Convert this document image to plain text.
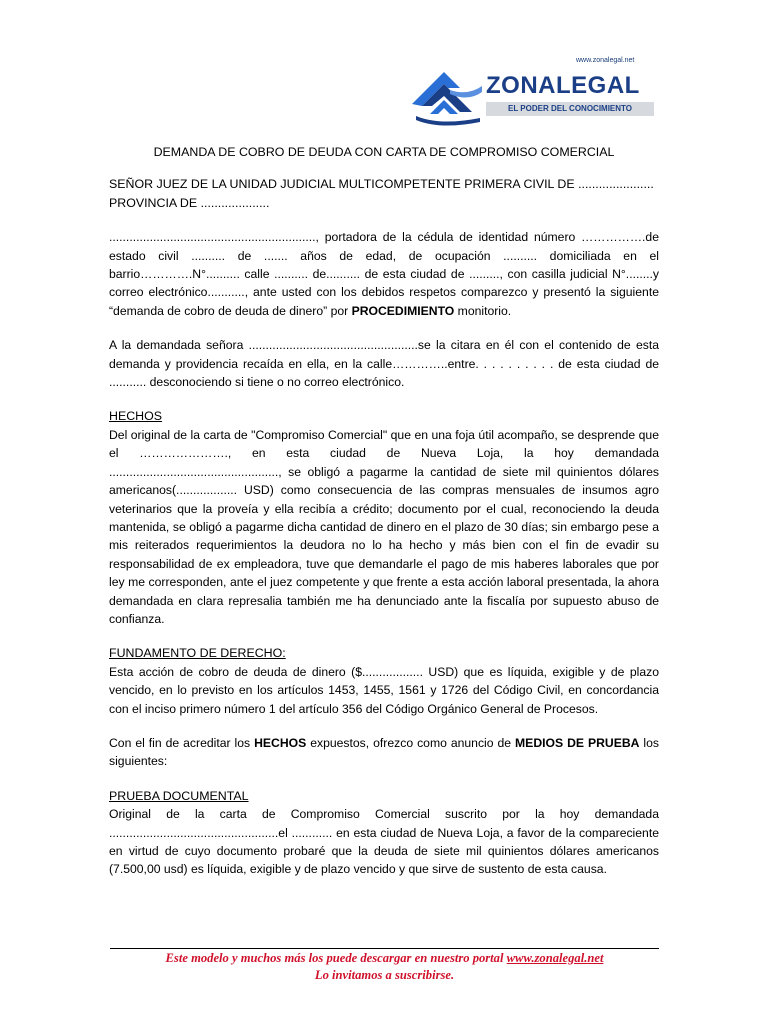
www.zonalegal.net
ZONALEGAL
EL PODER DEL CONOCIMIENTO
DEMANDA DE COBRO DE DEUDA CON CARTA DE COMPROMISO COMERCIAL
SEÑOR JUEZ DE LA UNIDAD JUDICIAL MULTICOMPETENTE PRIMERA CIVIL DE ...................... PROVINCIA DE ....................
............................................................., portadora de la cédula de identidad número …………….de estado civil .......... de ....... años de edad, de ocupación .......... domiciliada en el barrio………….N°.......... calle .......... de.......... de esta ciudad de ........., con casilla judicial N°........y correo electrónico..........., ante usted con los debidos respetos comparezco y presentó la siguiente “demanda de cobro de deuda de dinero” por PROCEDIMIENTO monitorio.
A la demandada señora ..................................................se la citara en él con el contenido de esta demanda y providencia recaída en ella, en la calle…………..entre. . . . . . . . . . de esta ciudad de ........... desconociendo si tiene o no correo electrónico.
HECHOS
Del original de la carta de "Compromiso Comercial" que en una foja útil acompaño, se desprende que el …………………., en esta ciudad de Nueva Loja, la hoy demandada .................................................., se obligó a pagarme la cantidad de siete mil quinientos dólares americanos(.................. USD) como consecuencia de las compras mensuales de insumos agro veterinarios que la proveía y ella recibía a crédito; documento por el cual, reconociendo la deuda mantenida, se obligó a pagarme dicha cantidad de dinero en el plazo de 30 días; sin embargo pese a mis reiterados requerimientos la deudora no lo ha hecho y más bien con el fin de evadir su responsabilidad de ex empleadora, tuve que demandarle el pago de mis haberes laborales que por ley me corresponden, ante el juez competente y que frente a esta acción laboral presentada, la ahora demandada en clara represalia también me ha denunciado ante la fiscalía por supuesto abuso de confianza.
FUNDAMENTO DE DERECHO:
Esta acción de cobro de deuda de dinero ($.................. USD) que es líquida, exigible y de plazo vencido, en lo previsto en los artículos 1453, 1455, 1561 y 1726 del Código Civil, en concordancia con el inciso primero número 1 del artículo 356 del Código Orgánico General de Procesos.
Con el fin de acreditar los HECHOS expuestos, ofrezco como anuncio de MEDIOS DE PRUEBA los siguientes:
PRUEBA DOCUMENTAL
Original de la carta de Compromiso Comercial suscrito por la hoy demandada ..................................................el ............ en esta ciudad de Nueva Loja, a favor de la compareciente en virtud de cuyo documento probaré que la deuda de siete mil quinientos dólares americanos (7.500,00 usd) es líquida, exigible y de plazo vencido y que sirve de sustento de esta causa.
Este modelo y muchos más los puede descargar en nuestro portal www.zonalegal.net
Lo invitamos a suscribirse.
